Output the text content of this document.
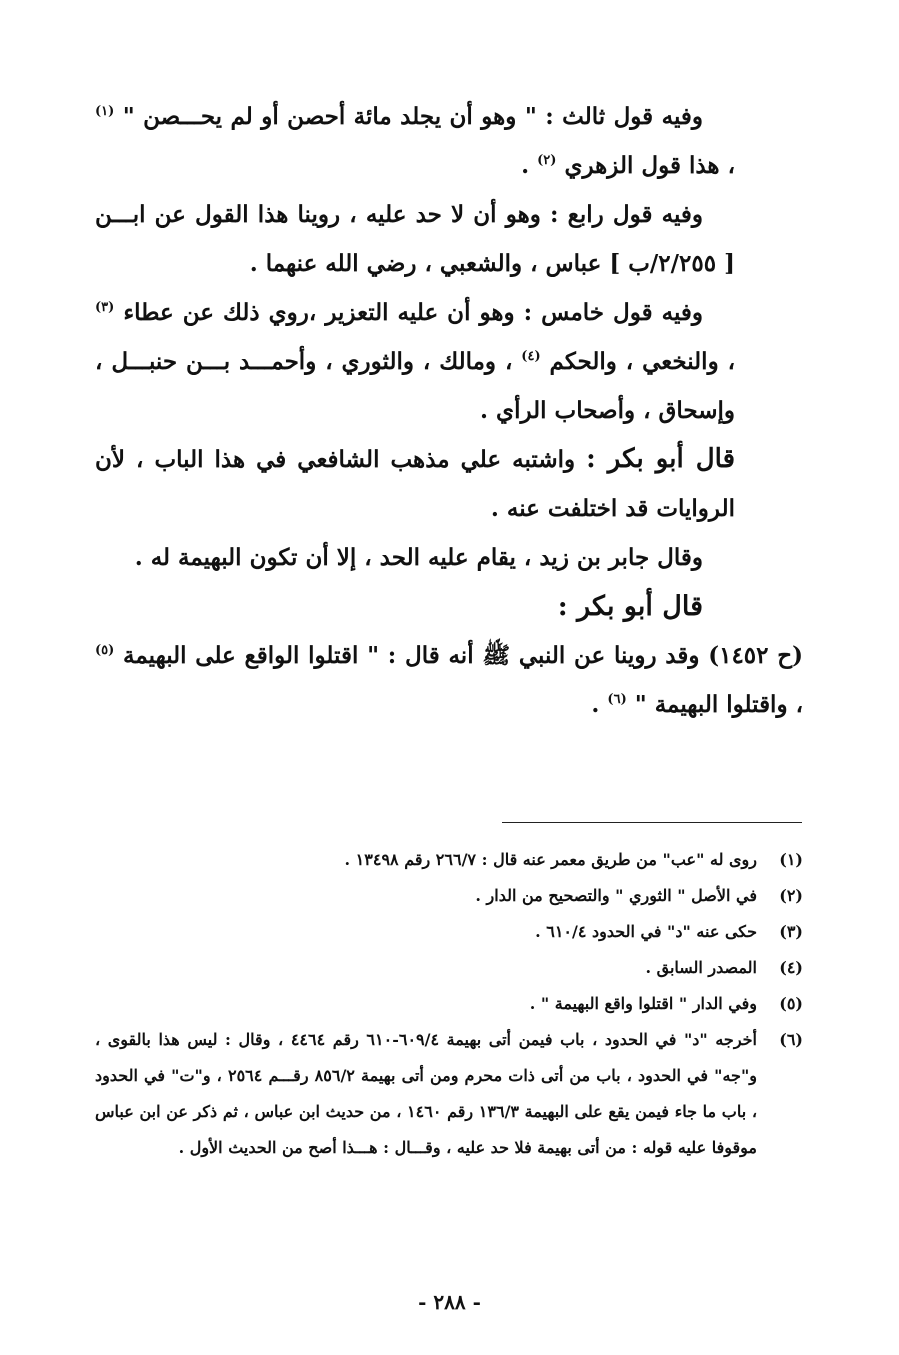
وفيه قول ثالث : " وهو أن يجلد مائة أحصن أو لم يحـــصن " $^{(١)}$ ، هذا قول الزهري $^{(٢)}$ .

وفيه قول رابع : وهو أن لا حد عليه ، روينا هذا القول عن ابـــن [ ٢/٢٥٥/ب ] عباس ، والشعبي ، رضي الله عنهما .

وفيه قول خامس : وهو أن عليه التعزير ،روي ذلك عن عطاء $^{(٣)}$ ، والنخعي ، والحكم $^{(٤)}$ ، ومالك ، والثوري ، وأحمـــد بـــن حنبـــل ، وإسحاق ، وأصحاب الرأي .

قال أبو بكر : واشتبه علي مذهب الشافعي في هذا الباب ، لأن الروايات قد اختلفت عنه .

وقال جابر بن زيد ، يقام عليه الحد ، إلا أن تكون البهيمة له .

قال أبو بكر :

(ح ١٤٥٢) وقد روينا عن النبي ﷺ أنه قال : " اقتلوا الواقع على البهيمة $^{(٥)}$ ، واقتلوا البهيمة " $^{(٦)}$ .

(١)
روى له "عب" من طريق معمر عنه قال : ٢٦٦/٧ رقم ١٣٤٩٨ .
(٢)
في الأصل " الثوري " والتصحيح من الدار .
(٣)
حكى عنه "د" في الحدود ٦١٠/٤ .
(٤)
المصدر السابق .
(٥)
وفي الدار " اقتلوا واقع البهيمة " .
(٦)
أخرجه "د" في الحدود ، باب فيمن أتى بهيمة ٦٠٩/٤-٦١٠ رقم ٤٤٦٤ ، وقال : ليس هذا بالقوى ، و"جه" في الحدود ، باب من أتى ذات محرم ومن أتى بهيمة ٨٥٦/٢ رقـــم ٢٥٦٤ ، و"ت" في الحدود ، باب ما جاء فيمن يقع على البهيمة ١٣٦/٣ رقم ١٤٦٠ ، من حديث ابن عباس ، ثم ذكر عن ابن عباس موقوفا عليه قوله : من أتى بهيمة فلا حد عليه ، وقـــال : هـــذا أصح من الحديث الأول .
- ٢٨٨ -
